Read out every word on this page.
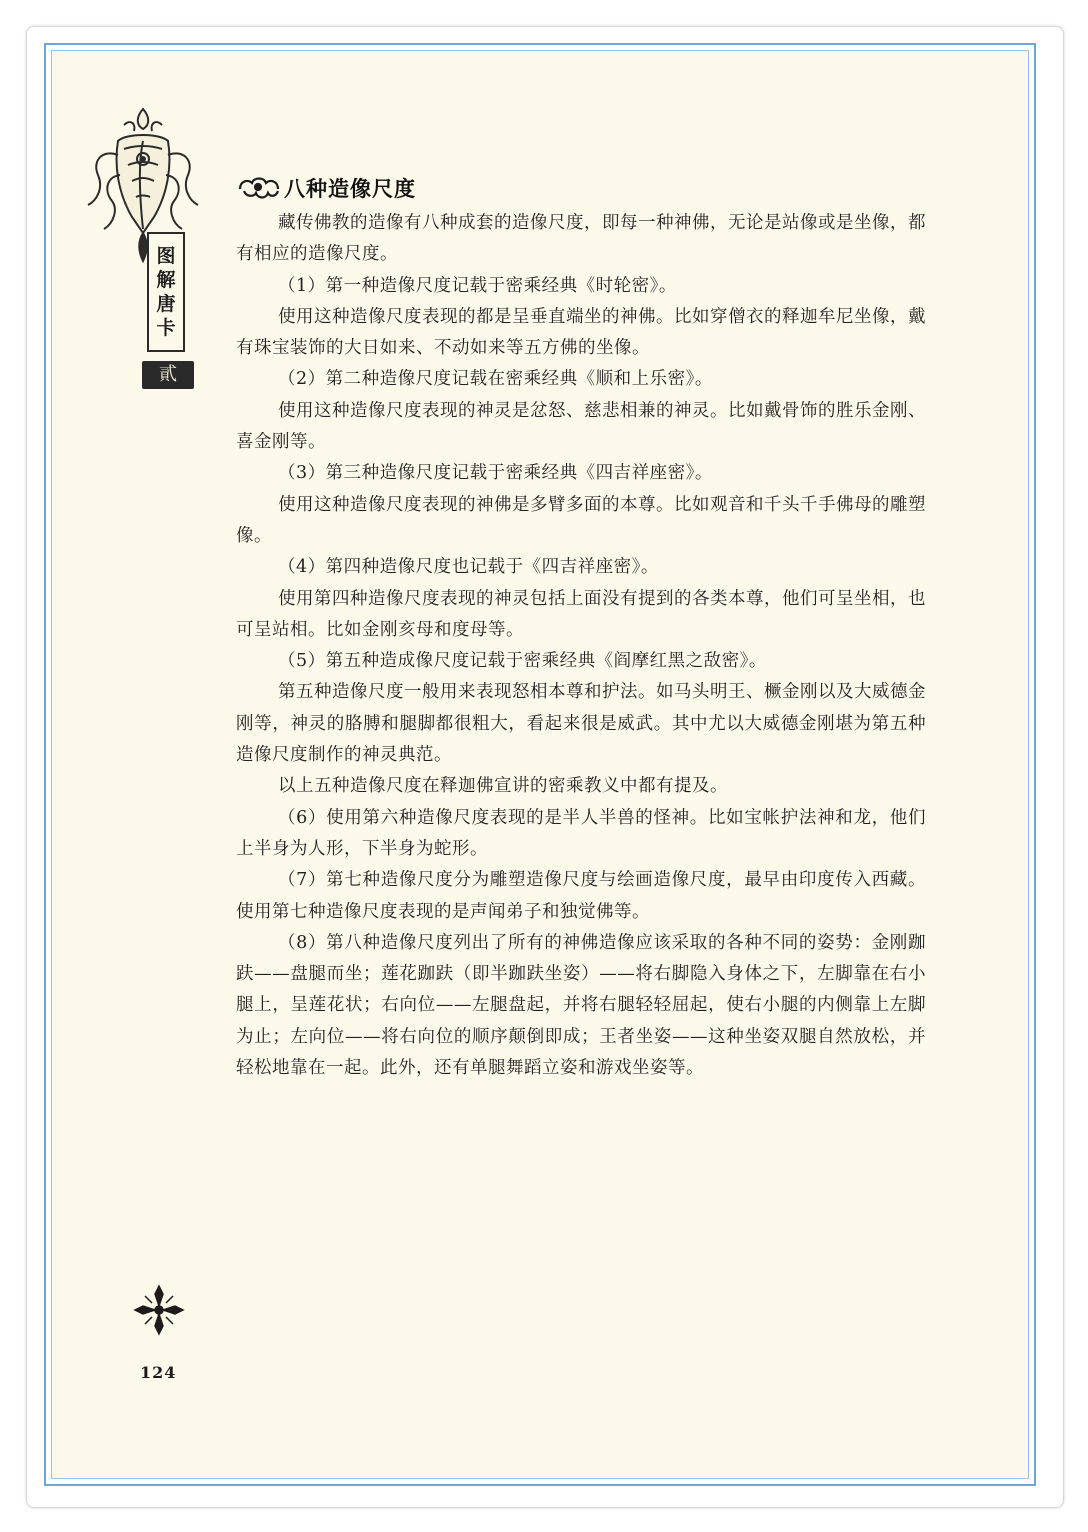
图
解
唐
卡
貳
八种造像尺度

藏传佛教的造像有八种成套的造像尺度，即每一种神佛，无论是站像或是坐像，都有相应的造像尺度。

（1）第一种造像尺度记载于密乘经典《时轮密》。

使用这种造像尺度表现的都是呈垂直端坐的神佛。比如穿僧衣的释迦牟尼坐像，戴有珠宝装饰的大日如来、不动如来等五方佛的坐像。

（2）第二种造像尺度记载在密乘经典《顺和上乐密》。

使用这种造像尺度表现的神灵是忿怒、慈悲相兼的神灵。比如戴骨饰的胜乐金刚、喜金刚等。

（3）第三种造像尺度记载于密乘经典《四吉祥座密》。

使用这种造像尺度表现的神佛是多臂多面的本尊。比如观音和千头千手佛母的雕塑像。

（4）第四种造像尺度也记载于《四吉祥座密》。

使用第四种造像尺度表现的神灵包括上面没有提到的各类本尊，他们可呈坐相，也可呈站相。比如金刚亥母和度母等。

（5）第五种造成像尺度记载于密乘经典《阎摩红黑之敌密》。

第五种造像尺度一般用来表现怒相本尊和护法。如马头明王、橛金刚以及大威德金刚等，神灵的胳膊和腿脚都很粗大，看起来很是威武。其中尤以大威德金刚堪为第五种造像尺度制作的神灵典范。

以上五种造像尺度在释迦佛宣讲的密乘教义中都有提及。

（6）使用第六种造像尺度表现的是半人半兽的怪神。比如宝帐护法神和龙，他们上半身为人形，下半身为蛇形。

（7）第七种造像尺度分为雕塑造像尺度与绘画造像尺度，最早由印度传入西藏。使用第七种造像尺度表现的是声闻弟子和独觉佛等。

（8）第八种造像尺度列出了所有的神佛造像应该采取的各种不同的姿势：金刚跏趺——盘腿而坐；莲花跏趺（即半跏趺坐姿）——将右脚隐入身体之下，左脚靠在右小腿上，呈莲花状；右向位——左腿盘起，并将右腿轻轻屈起，使右小腿的内侧靠上左脚为止；左向位——将右向位的顺序颠倒即成；王者坐姿——这种坐姿双腿自然放松，并轻松地靠在一起。此外，还有单腿舞蹈立姿和游戏坐姿等。

124
